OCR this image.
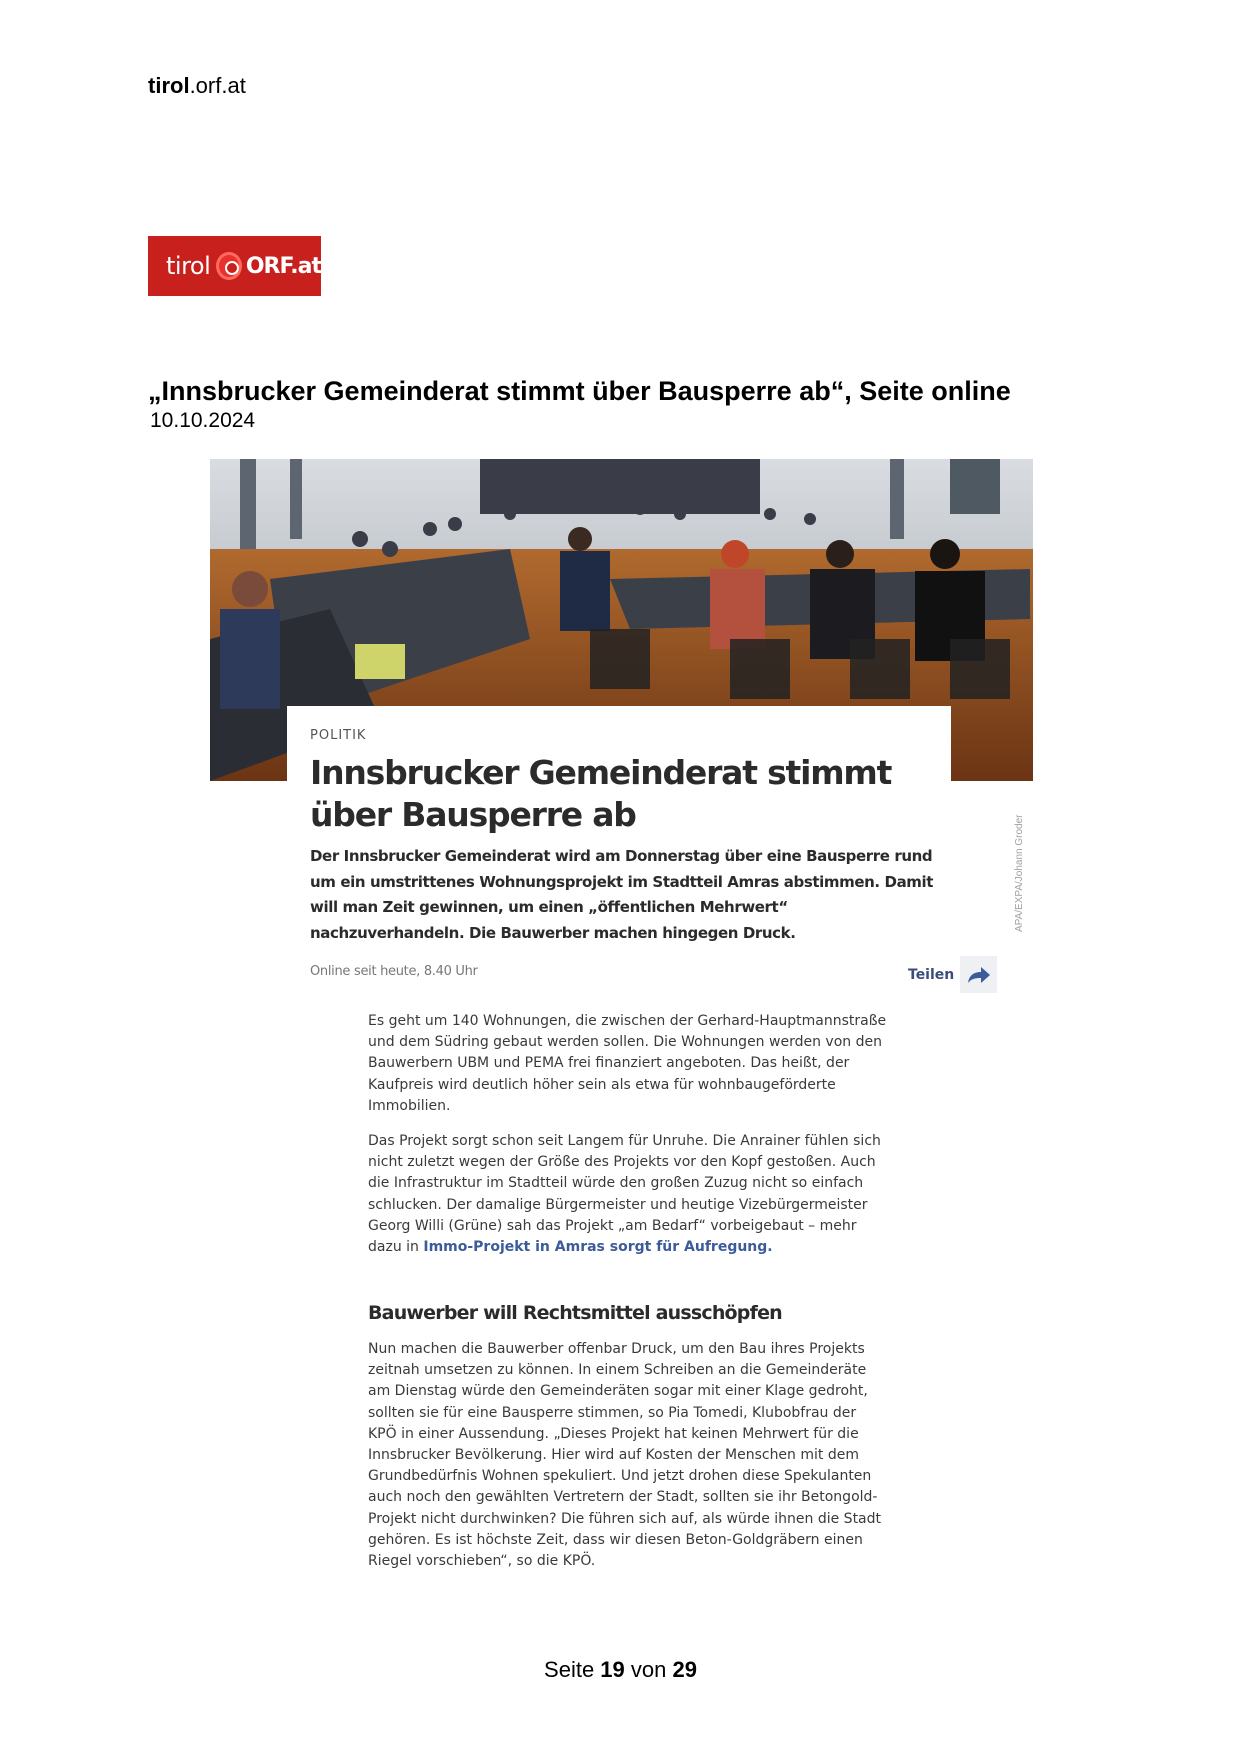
tirol.orf.at
tirol ORF.at
„Innsbrucker Gemeinderat stimmt über Bausperre ab“, Seite online
10.10.2024
POLITIK
Innsbrucker Gemeinderat stimmt über Bausperre ab
Der Innsbrucker Gemeinderat wird am Donnerstag über eine Bausperre rund um ein umstrittenes Wohnungsprojekt im Stadtteil Amras abstimmen. Damit will man Zeit gewinnen, um einen „öffentlichen Mehrwert“ nachzuverhandeln. Die Bauwerber machen hingegen Druck.
APA/EXPA/Johann Groder
Online seit heute, 8.40 Uhr	Teilen
Es geht um 140 Wohnungen, die zwischen der Gerhard-Hauptmannstraße und dem Südring gebaut werden sollen. Die Wohnungen werden von den Bauwerbern UBM und PEMA frei finanziert angeboten. Das heißt, der Kaufpreis wird deutlich höher sein als etwa für wohnbaugeförderte Immobilien.
Das Projekt sorgt schon seit Langem für Unruhe. Die Anrainer fühlen sich nicht zuletzt wegen der Größe des Projekts vor den Kopf gestoßen. Auch die Infrastruktur im Stadtteil würde den großen Zuzug nicht so einfach schlucken. Der damalige Bürgermeister und heutige Vizebürgermeister Georg Willi (Grüne) sah das Projekt „am Bedarf“ vorbeigebaut – mehr dazu in Immo-Projekt in Amras sorgt für Aufregung.
Bauwerber will Rechtsmittel ausschöpfen
Nun machen die Bauwerber offenbar Druck, um den Bau ihres Projekts zeitnah umsetzen zu können. In einem Schreiben an die Gemeinderäte am Dienstag würde den Gemeinderäten sogar mit einer Klage gedroht, sollten sie für eine Bausperre stimmen, so Pia Tomedi, Klubobfrau der KPÖ in einer Aussendung. „Dieses Projekt hat keinen Mehrwert für die Innsbrucker Bevölkerung. Hier wird auf Kosten der Menschen mit dem Grundbedürfnis Wohnen spekuliert. Und jetzt drohen diese Spekulanten auch noch den gewählten Vertretern der Stadt, sollten sie ihr Betongold-Projekt nicht durchwinken? Die führen sich auf, als würde ihnen die Stadt gehören. Es ist höchste Zeit, dass wir diesen Beton-Goldgräbern einen Riegel vorschieben“, so die KPÖ.
Seite 19 von 29
